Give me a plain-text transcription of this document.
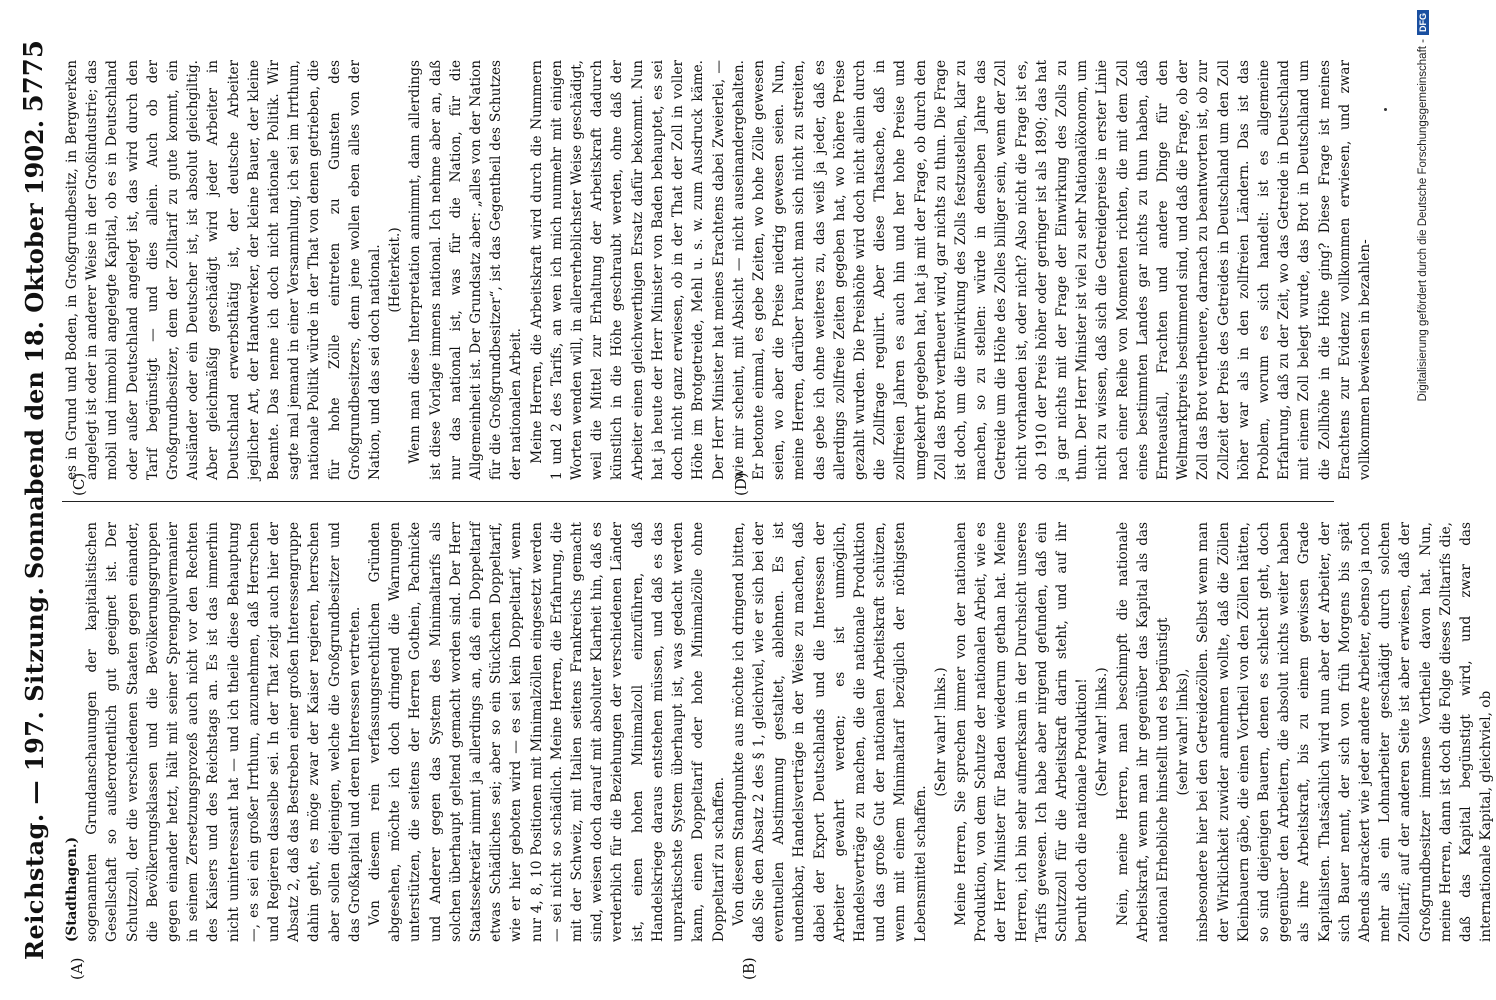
Reichstag. — 197. Sitzung.
Sonnabend den 18. Oktober 1902.
5775
(A)	(B)
(C)	(D)

(Stadthagen.) sogenannten Grundanschauungen der kapitalistischen Gesellschaft so außerordentlich gut geeignet ist. Der Schutzzoll, der die verschiedenen Staaten gegen einander, die Bevölkerungsklassen und die Bevölkerungsgruppen gegen einander hetzt, hält mit seiner Sprengpulvermanier in seinem Zersetzungsprozeß auch nicht vor den Rechten des Kaisers und des Reichstags an. Es ist das immerhin nicht uninteressant hat — und ich theile diese Behauptung —, es sei ein großer Irrthum, anzunehmen, daß Herrschen und Regieren dasselbe sei. In der That zeigt auch hier der Absatz 2, daß das Bestreben einer großen Interessengruppe dahin geht, es möge zwar der Kaiser regieren, herrschen aber sollen diejenigen, welche die Großgrundbesitzer und das Großkapital und deren Interessen vertreten. Von diesem rein verfassungsrechtlichen Gründen abgesehen, möchte ich doch dringend die Warnungen unterstützen, die seitens der Herren Gothein, Pachnicke und Anderer gegen das System des Minimaltarifs als solchen überhaupt geltend gemacht worden sind. Der Herr Staatssekretär nimmt ja allerdings an, daß ein Doppeltarif etwas Schädliches sei; aber so ein Stückchen Doppeltarif, wie er hier geboten wird — es sei kein Doppeltarif, wenn nur 4, 8, 10 Positionen mit Minimalzöllen eingesetzt werden — sei nicht so schädlich. Meine Herren, die Erfahrung, die mit der Schweiz, mit Italien seitens Frankreichs gemacht sind, weisen doch darauf mit absoluter Klarheit hin, daß es verderblich für die Beziehungen der verschiedenen Länder ist, einen hohen Minimalzoll einzuführen, daß Handelskriege daraus entstehen müssen, und daß es das unpraktischste System überhaupt ist, was gedacht werden kann, einen Doppeltarif oder hohe Minimalzölle ohne Doppeltarif zu schaffen. Von diesem Standpunkte aus möchte ich dringend bitten, daß Sie den Absatz 2 des § 1, gleichviel, wie er sich bei der eventuellen Abstimmung gestaltet, ablehnen. Es ist undenkbar, Handelsverträge in der Weise zu machen, daß dabei der Export Deutschlands und die Interessen der Arbeiter gewahrt werden; es ist unmöglich, Handelsverträge zu machen, die die nationale Produktion und das große Gut der nationalen Arbeitskraft schützen, wenn mit einem Minimaltarif bezüglich der nöthigsten Lebensmittel schaffen.

(Sehr wahr! links.) Meine Herren, Sie sprechen immer von der nationalen Produktion, von dem Schutze der nationalen Arbeit, wie es der Herr Minister für Baden wiederum gethan hat. Meine Herren, ich bin sehr aufmerksam in der Durchsicht unseres Tarifs gewesen. Ich habe aber nirgend gefunden, daß ein Schutzzoll für die Arbeitskraft darin steht, und auf ihr beruht doch die nationale Produktion! (Sehr wahr! links.) Nein, meine Herren, man beschimpft die nationale Arbeitskraft, wenn man ihr gegenüber das Kapital als das national Erhebliche hinstellt und es begünstigt (sehr wahr! links), insbesondere hier bei den Getreidezöllen. Selbst wenn man der Wirklichkeit zuwider annehmen wollte, daß die Zöllen Kleinbauern gäbe, die einen Vortheil von den Zöllen hätten, so sind diejenigen Bauern, denen es schlecht geht, doch gegenüber den Arbeitern, die absolut nichts weiter haben als ihre Arbeitskraft, bis zu einem gewissen Grade Kapitalisten. Thatsächlich wird nun aber der Arbeiter, der sich Bauer nennt, der sich von früh Morgens bis spät Abends abrackert wie jeder andere Arbeiter, ebenso ja noch mehr als ein Lohnarbeiter geschädigt durch solchen Zolltarif; auf der anderen Seite ist aber erwiesen, daß der Großgrundbesitzer immense Vortheile davon hat. Nun, meine Herren, dann ist doch die Folge dieses Zolltarifs die, daß das Kapital begünstigt wird, und zwar das internationale Kapital, gleichviel, ob

es in Grund und Boden, in Großgrundbesitz, in Bergwerken angelegt ist oder in anderer Weise in der Großindustrie; das mobil und immobil angelegte Kapital, ob es in Deutschland oder außer Deutschland angelegt ist, das wird durch den Tarif begünstigt — und dies allein. Auch ob der Großgrundbesitzer, dem der Zolltarif zu gute kommt, ein Ausländer oder ein Deutscher ist, ist absolut gleichgiltig. Aber gleichmäßig geschädigt wird jeder Arbeiter in Deutschland erwerbsthätig ist, der deutsche Arbeiter jeglicher Art, der Handwerker, der kleine Bauer, der kleine Beamte. Das nenne ich doch nicht nationale Politik. Wir sagte mal jemand in einer Versammlung, ich sei im Irrthum, nationale Politik würde in der That von denen getrieben, die für hohe Zölle eintreten zu Gunsten des Großgrundbesitzers, denn jene wollen eben alles von der Nation, und das sei doch national. (Heiterkeit.) Wenn man diese Interpretation annimmt, dann allerdings ist diese Vorlage immens national. Ich nehme aber an, daß nur das national ist, was für die Nation, für die Allgemeinheit ist. Der Grundsatz aber: „alles von der Nation für die Großgrundbesitzer“, ist das Gegentheil des Schutzes der nationalen Arbeit. Meine Herren, die Arbeitskraft wird durch die Nummern 1 und 2 des Tarifs, an wen ich mich nunmehr mit einigen Worten wenden will, in allererheblichster Weise geschädigt, weil die Mittel zur Erhaltung der Arbeitskraft dadurch künstlich in die Höhe geschraubt werden, ohne daß der Arbeiter einen gleichwerthigen Ersatz dafür bekommt. Nun hat ja heute der Herr Minister von Baden behauptet, es sei doch nicht ganz erwiesen, ob in der That der Zoll in voller Höhe im Brotgetreide, Mehl u. s. w. zum Ausdruck käme. Der Herr Minister hat meines Erachtens dabei Zweierlei, — wie mir scheint, mit Absicht — nicht auseinandergehalten. Er betonte einmal, es gebe Zeiten, wo hohe Zölle gewesen seien, wo aber die Preise niedrig gewesen seien. Nun, meine Herren, darüber braucht man sich nicht zu streiten, das gebe ich ohne weiteres zu, das weiß ja jeder, daß es allerdings zollfreie Zeiten gegeben hat, wo höhere Preise gezahlt wurden. Die Preishöhe wird doch nicht allein durch die Zollfrage regulirt. Aber diese Thatsache, daß in zollfreien Jahren es auch hin und her hohe Preise und umgekehrt gegeben hat, hat ja mit der Frage, ob durch den Zoll das Brot vertheuert wird, gar nichts zu thun. Die Frage ist doch, um die Einwirkung des Zolls festzustellen, klar zu machen, so zu stellen: würde in denselben Jahre das Getreide um die Höhe des Zolles billiger sein, wenn der Zoll nicht vorhanden ist, oder nicht? Also nicht die Frage ist es, ob 1910 der Preis höher oder geringer ist als 1890; das hat ja gar nichts mit der Frage der Einwirkung des Zolls zu thun. Der Herr Minister ist viel zu sehr Nationalökonom, um nicht zu wissen, daß sich die Getreidepreise in erster Linie nach einer Reihe von Momenten richten, die mit dem Zoll eines bestimmten Landes gar nichts zu thun haben, daß Ernteausfall, Frachten und andere Dinge für den Weltmarktpreis bestimmend sind, und daß die Frage, ob der Zoll das Brot vertheuere, darnach zu beantworten ist, ob zur Zollzeit der Preis des Getreides in Deutschland um den Zoll höher war als in den zollfreien Ländern. Das ist das Problem, worum es sich handelt: ist es allgemeine Erfahrung, daß zu der Zeit, wo das Getreide in Deutschland mit einem Zoll belegt wurde, das Brot in Deutschland um die Zollhöhe in die Höhe ging? Diese Frage ist meines Erachtens zur Evidenz vollkommen erwiesen, und zwar vollkommen bewiesen in bezahlen-	Digitalisierung gefördert durch die Deutsche Forschungsgemeinschaft -
DFG
